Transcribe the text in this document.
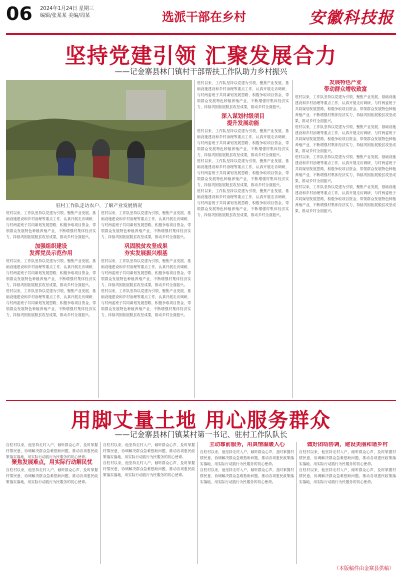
06 2024年1月24日 星期三
编辑/张某某 美编/周某	选派干部在乡村	安徽科技报
坚持党建引领 汇聚发展合力
——记金寨县林门镇村干部帮扶工作队助力乡村振兴
驻村工作队走访农户、了解产业发展情况

驻村以来，工作队坚持以党建为引领，聚焦产业发展、基础设施建设和乡村治理等重点工作，认真开展走访调研，与村两委班子共同谋划发展思路，积极争取项目资金，带领群众发展特色种植养殖产业，不断增强村集体经济实力，持续巩固拓展脱贫攻坚成果，推动乡村全面振兴。

加强组织建设
发挥党员示范作用

驻村以来，工作队坚持以党建为引领，聚焦产业发展、基础设施建设和乡村治理等重点工作，认真开展走访调研，与村两委班子共同谋划发展思路，积极争取项目资金，带领群众发展特色种植养殖产业，不断增强村集体经济实力，持续巩固拓展脱贫攻坚成果，推动乡村全面振兴。

驻村以来，工作队坚持以党建为引领，聚焦产业发展、基础设施建设和乡村治理等重点工作，认真开展走访调研，与村两委班子共同谋划发展思路，积极争取项目资金，带领群众发展特色种植养殖产业，不断增强村集体经济实力，持续巩固拓展脱贫攻坚成果，推动乡村全面振兴。

驻村以来，工作队坚持以党建为引领，聚焦产业发展、基础设施建设和乡村治理等重点工作，认真开展走访调研，与村两委班子共同谋划发展思路，积极争取项目资金，带领群众发展特色种植养殖产业，不断增强村集体经济实力，持续巩固拓展脱贫攻坚成果，推动乡村全面振兴。

巩固脱贫攻坚成果
夯实发展振兴根基

驻村以来，工作队坚持以党建为引领，聚焦产业发展、基础设施建设和乡村治理等重点工作，认真开展走访调研，与村两委班子共同谋划发展思路，积极争取项目资金，带领群众发展特色种植养殖产业，不断增强村集体经济实力，持续巩固拓展脱贫攻坚成果，推动乡村全面振兴。

驻村以来，工作队坚持以党建为引领，聚焦产业发展、基础设施建设和乡村治理等重点工作，认真开展走访调研，与村两委班子共同谋划发展思路，积极争取项目资金，带领群众发展特色种植养殖产业，不断增强村集体经济实力，持续巩固拓展脱贫攻坚成果，推动乡村全面振兴。

驻村以来，工作队坚持以党建为引领，聚焦产业发展、基础设施建设和乡村治理等重点工作，认真开展走访调研，与村两委班子共同谋划发展思路，积极争取项目资金，带领群众发展特色种植养殖产业，不断增强村集体经济实力，持续巩固拓展脱贫攻坚成果，推动乡村全面振兴。

深入谋划村级项目
提升发展动能

驻村以来，工作队坚持以党建为引领，聚焦产业发展、基础设施建设和乡村治理等重点工作，认真开展走访调研，与村两委班子共同谋划发展思路，积极争取项目资金，带领群众发展特色种植养殖产业，不断增强村集体经济实力，持续巩固拓展脱贫攻坚成果，推动乡村全面振兴。

驻村以来，工作队坚持以党建为引领，聚焦产业发展、基础设施建设和乡村治理等重点工作，认真开展走访调研，与村两委班子共同谋划发展思路，积极争取项目资金，带领群众发展特色种植养殖产业，不断增强村集体经济实力，持续巩固拓展脱贫攻坚成果，推动乡村全面振兴。

驻村以来，工作队坚持以党建为引领，聚焦产业发展、基础设施建设和乡村治理等重点工作，认真开展走访调研，与村两委班子共同谋划发展思路，积极争取项目资金，带领群众发展特色种植养殖产业，不断增强村集体经济实力，持续巩固拓展脱贫攻坚成果，推动乡村全面振兴。

发展特色产业
带动群众增收致富

驻村以来，工作队坚持以党建为引领，聚焦产业发展、基础设施建设和乡村治理等重点工作，认真开展走访调研，与村两委班子共同谋划发展思路，积极争取项目资金，带领群众发展特色种植养殖产业，不断增强村集体经济实力，持续巩固拓展脱贫攻坚成果，推动乡村全面振兴。

驻村以来，工作队坚持以党建为引领，聚焦产业发展、基础设施建设和乡村治理等重点工作，认真开展走访调研，与村两委班子共同谋划发展思路，积极争取项目资金，带领群众发展特色种植养殖产业，不断增强村集体经济实力，持续巩固拓展脱贫攻坚成果，推动乡村全面振兴。

驻村以来，工作队坚持以党建为引领，聚焦产业发展、基础设施建设和乡村治理等重点工作，认真开展走访调研，与村两委班子共同谋划发展思路，积极争取项目资金，带领群众发展特色种植养殖产业，不断增强村集体经济实力，持续巩固拓展脱贫攻坚成果，推动乡村全面振兴。

驻村以来，工作队坚持以党建为引领，聚焦产业发展、基础设施建设和乡村治理等重点工作，认真开展走访调研，与村两委班子共同谋划发展思路，积极争取项目资金，带领群众发展特色种植养殖产业，不断增强村集体经济实力，持续巩固拓展脱贫攻坚成果，推动乡村全面振兴。

用脚丈量土地 用心服务群众
——记金寨县林门镇某村第一书记、驻村工作队队长

自驻村以来，他坚持走村入户，倾听群众心声，及时掌握村情民意，协调解决群众急难愁盼问题，推动各项惠民政策落实落地，用实际行动践行为民服务的初心使命。

聚焦发展难点，用实际行动解民忧

自驻村以来，他坚持走村入户，倾听群众心声，及时掌握村情民意，协调解决群众急难愁盼问题，推动各项惠民政策落实落地，用实际行动践行为民服务的初心使命。

自驻村以来，他坚持走村入户，倾听群众心声，及时掌握村情民意，协调解决群众急难愁盼问题，推动各项惠民政策落实落地，用实际行动践行为民服务的初心使命。

自驻村以来，他坚持走村入户，倾听群众心声，及时掌握村情民意，协调解决群众急难愁盼问题，推动各项惠民政策落实落地，用实际行动践行为民服务的初心使命。

主动靠前服务，用真情温暖人心

自驻村以来，他坚持走村入户，倾听群众心声，及时掌握村情民意，协调解决群众急难愁盼问题，推动各项惠民政策落实落地，用实际行动践行为民服务的初心使命。

自驻村以来，他坚持走村入户，倾听群众心声，及时掌握村情民意，协调解决群众急难愁盼问题，推动各项惠民政策落实落地，用实际行动践行为民服务的初心使命。

做好团结协调，建设美丽和谐乡村

自驻村以来，他坚持走村入户，倾听群众心声，及时掌握村情民意，协调解决群众急难愁盼问题，推动各项惠民政策落实落地，用实际行动践行为民服务的初心使命。

自驻村以来，他坚持走村入户，倾听群众心声，及时掌握村情民意，协调解决群众急难愁盼问题，推动各项惠民政策落实落地，用实际行动践行为民服务的初心使命。

（本版稿件由金寨县供稿）
